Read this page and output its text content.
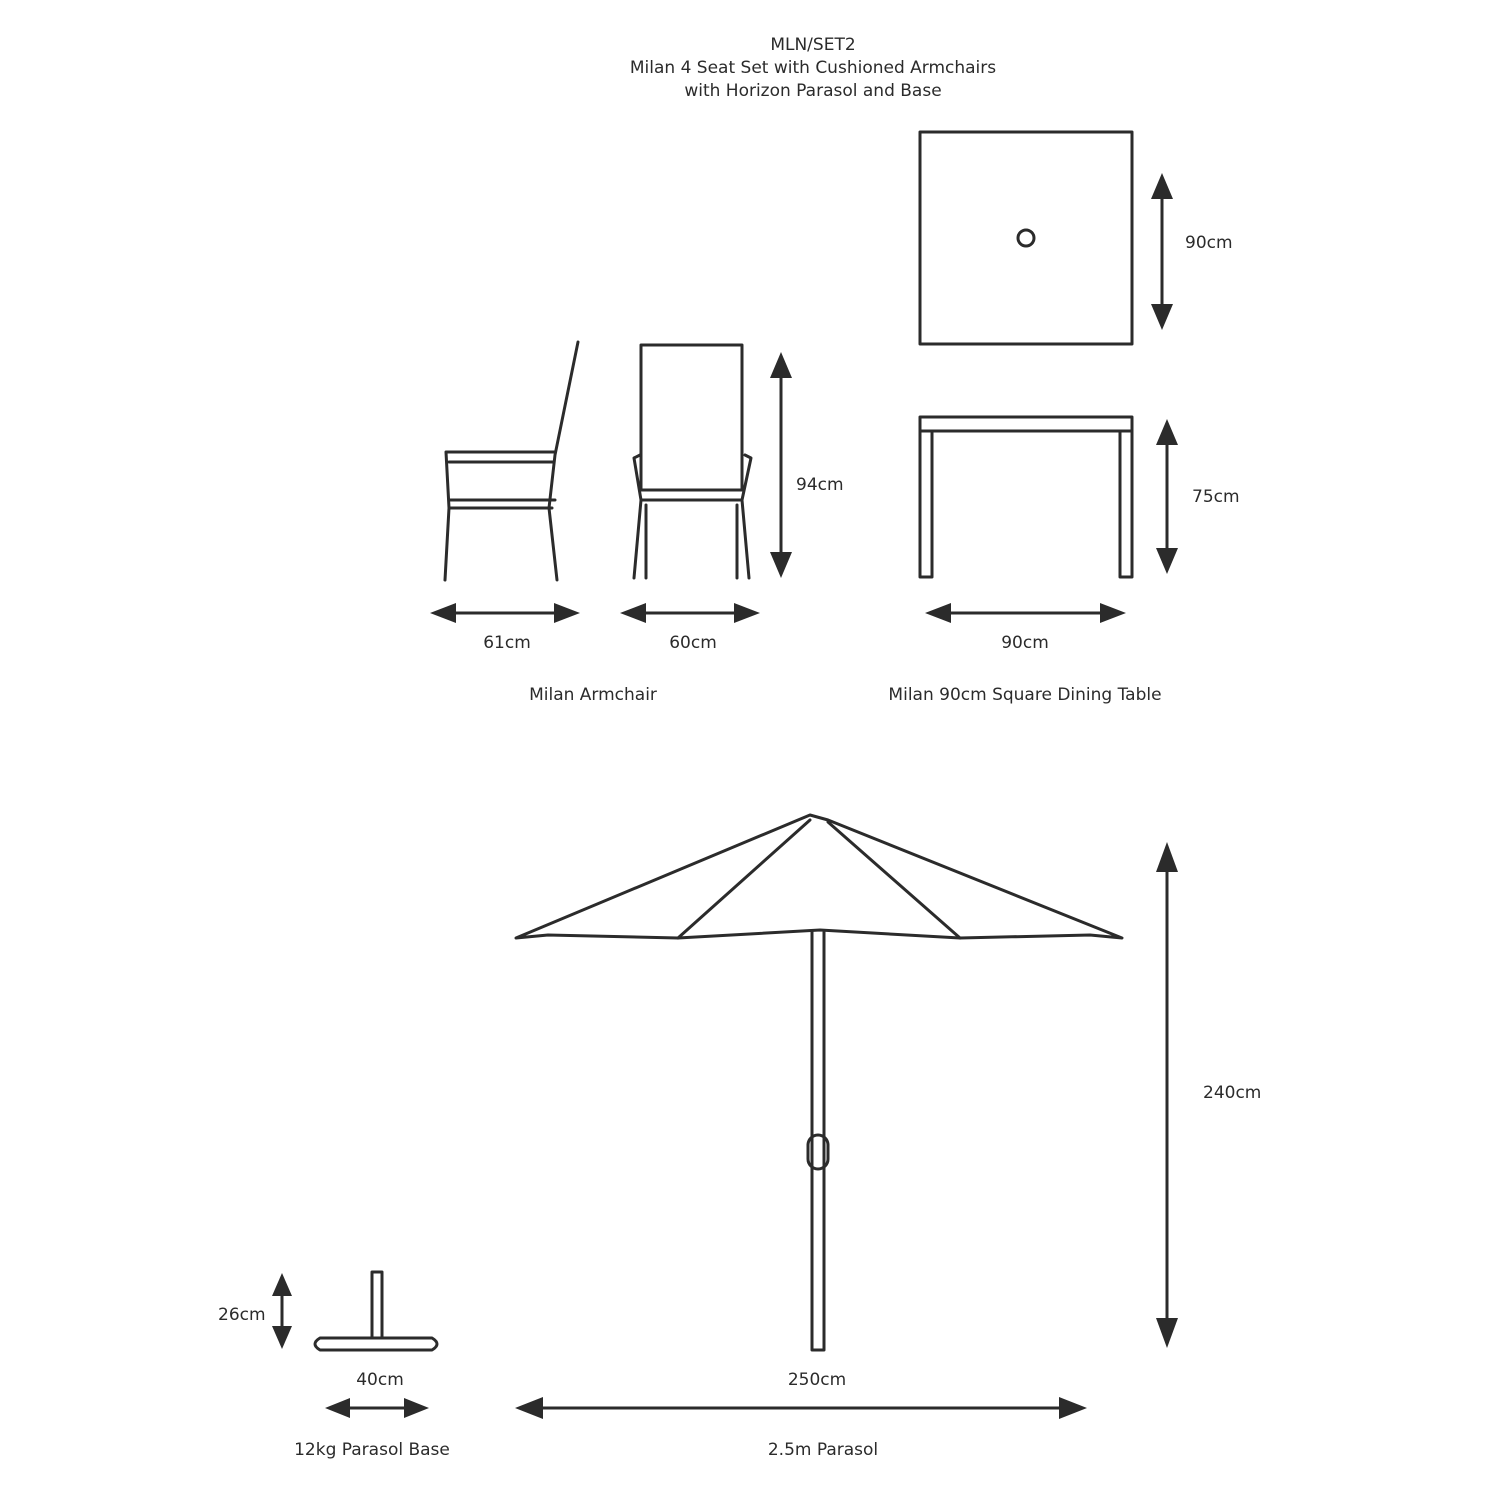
MLN/SET2
Milan 4 Seat Set with Cushioned Armchairs
with Horizon Parasol and Base
94cm
61cm	60cm
Milan Armchair
90cm
75cm
90cm
Milan 90cm Square Dining Table
240cm
250cm
2.5m Parasol
26cm
40cm
12kg Parasol Base
